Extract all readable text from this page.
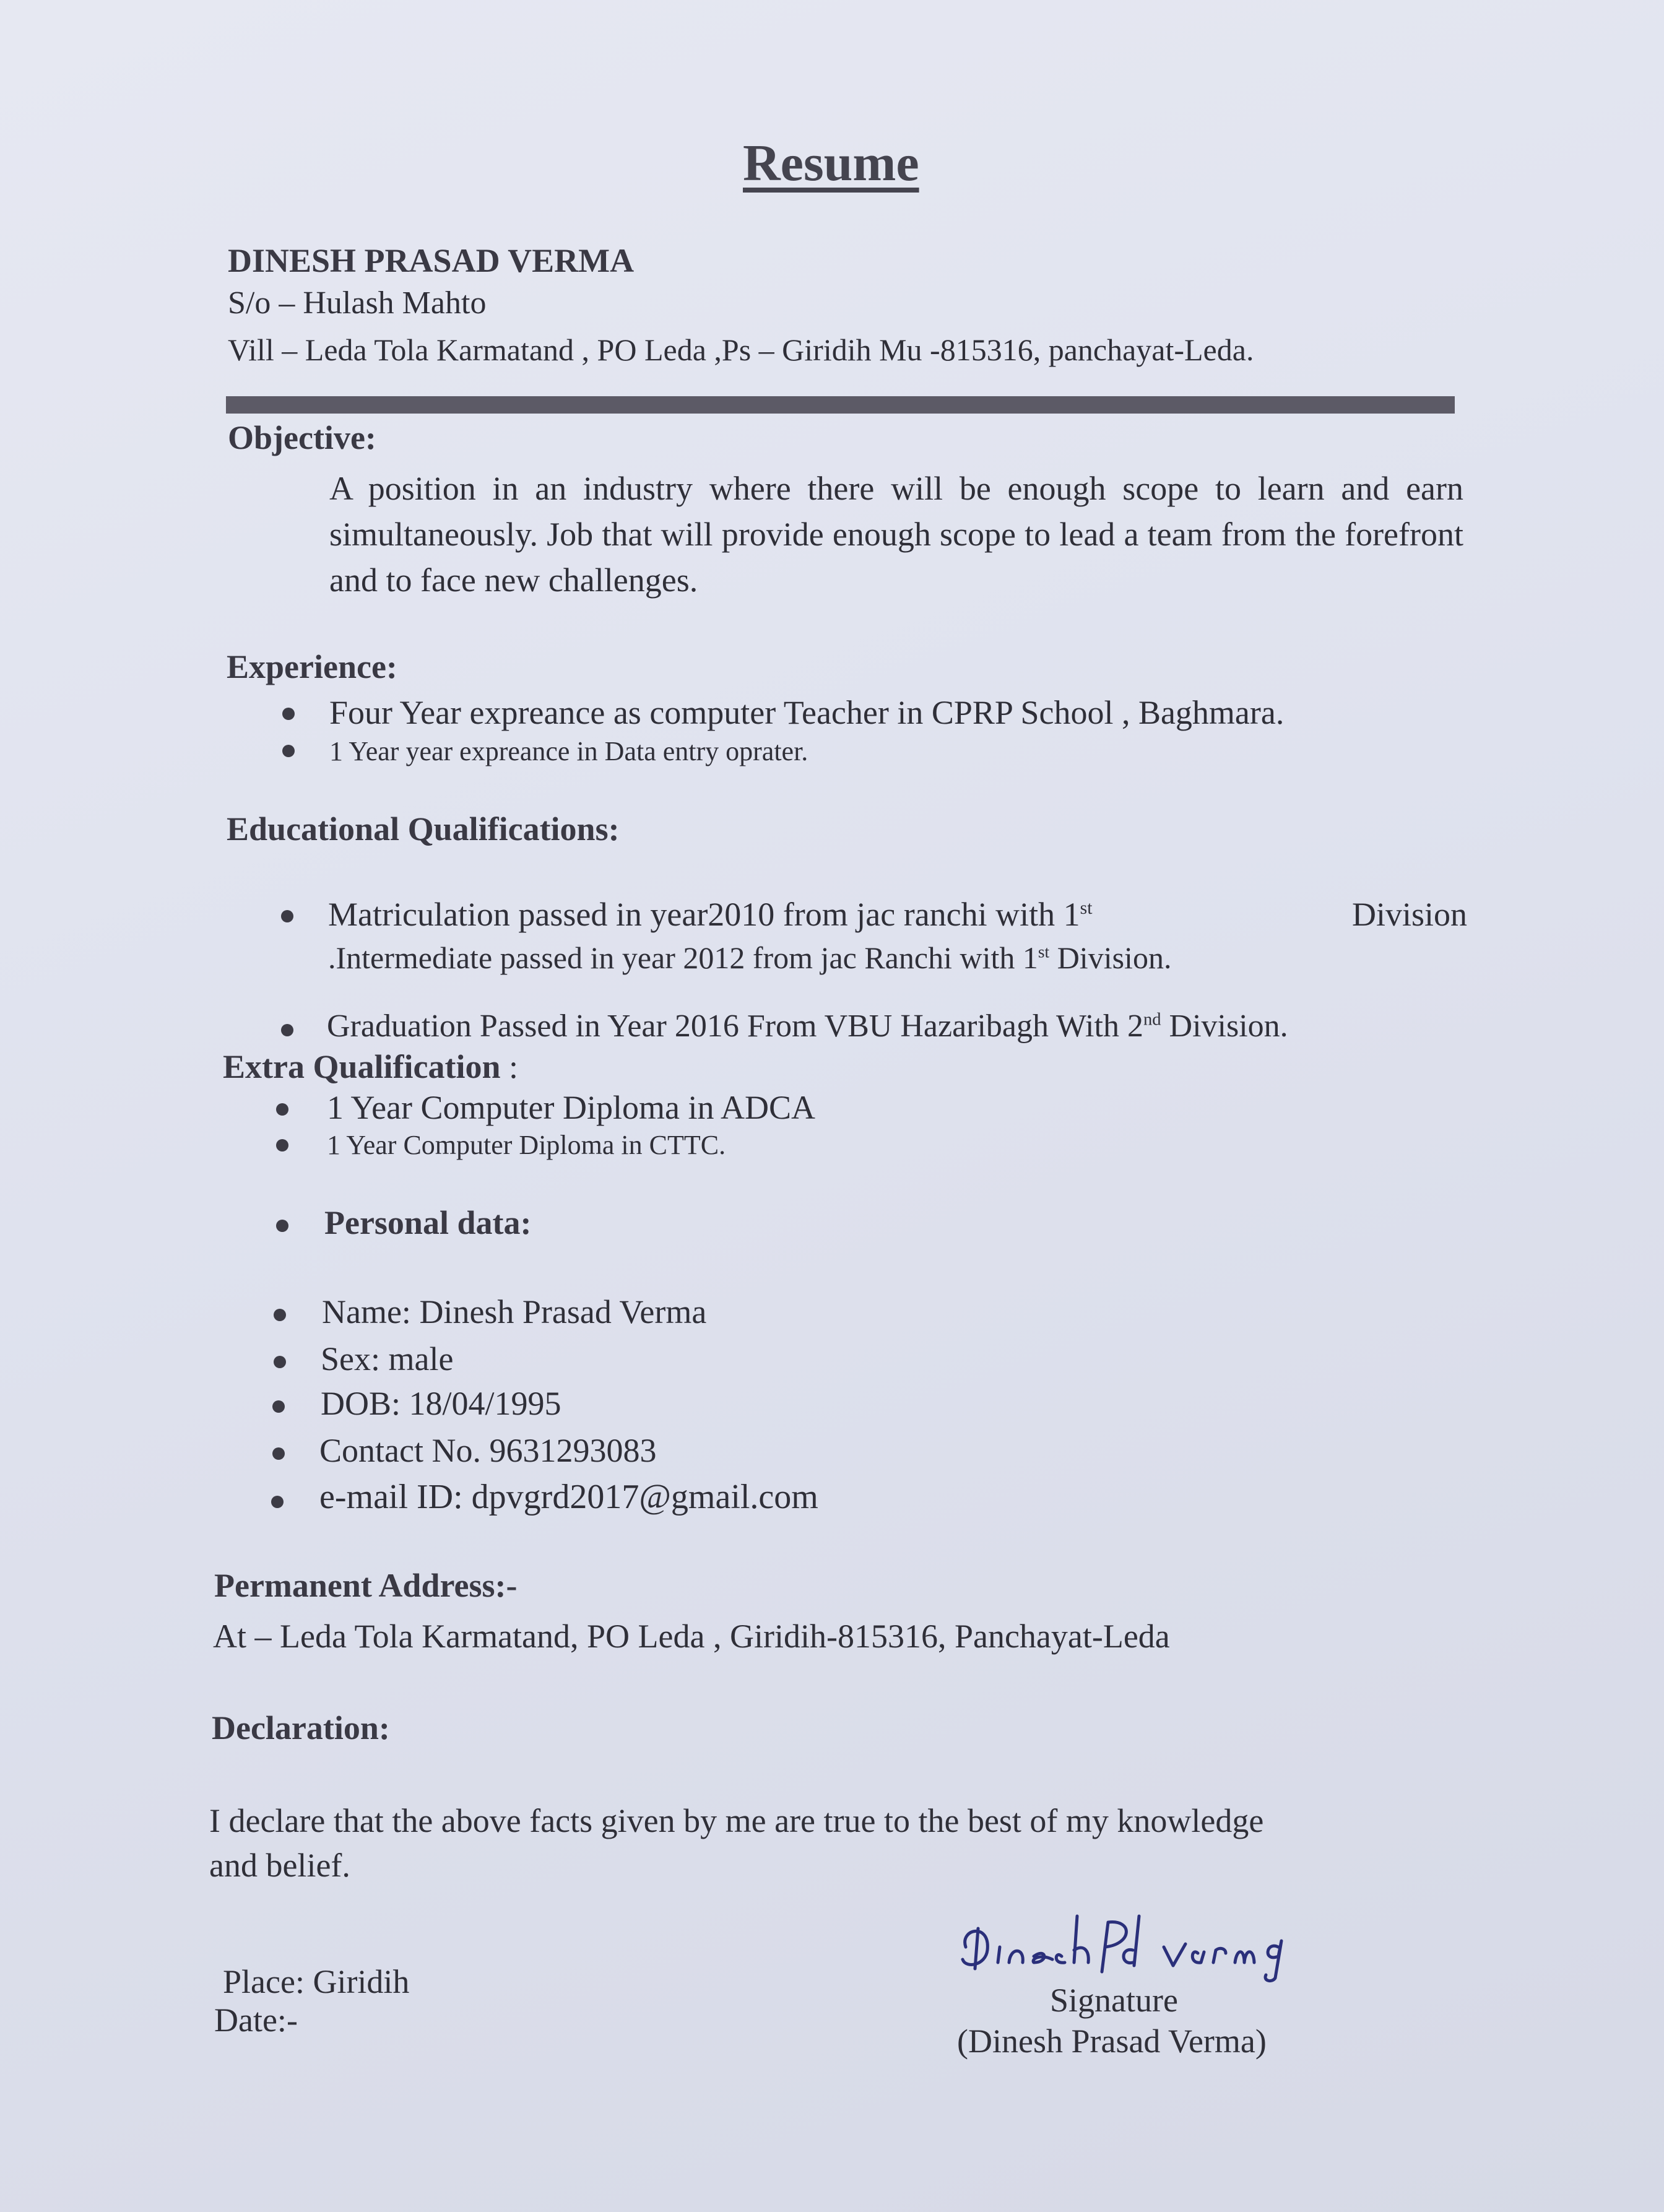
Resume
DINESH PRASAD VERMA
S/o – Hulash Mahto
Vill – Leda Tola Karmatand , PO Leda ,Ps – Giridih Mu -815316, panchayat-Leda.
Objective:
A position in an industry where there will be enough scope to learn and earn simultaneously. Job that will provide enough scope to lead a team from the forefront and to face new challenges.
Experience:
Four Year expreance as computer Teacher in CPRP School , Baghmara.
1 Year year expreance in Data entry oprater.
Educational Qualifications:
Matriculation passed in year2010 from jac ranchi with 1st	Division
.Intermediate passed in year 2012 from jac Ranchi with 1st Division.
Graduation Passed in Year 2016 From VBU Hazaribagh With 2nd Division.
Extra Qualification :
1 Year Computer Diploma in ADCA
1 Year Computer Diploma in CTTC.
Personal data:
Name: Dinesh Prasad Verma
Sex: male
DOB: 18/04/1995
Contact No. 9631293083
e-mail ID: dpvgrd2017@gmail.com
Permanent Address:-
At – Leda Tola Karmatand, PO Leda , Giridih-815316, Panchayat-Leda
Declaration:
I declare that the above facts given by me are true to the best of my knowledge
and belief.
Place: Giridih
Date:-
Signature
(Dinesh Prasad Verma)
